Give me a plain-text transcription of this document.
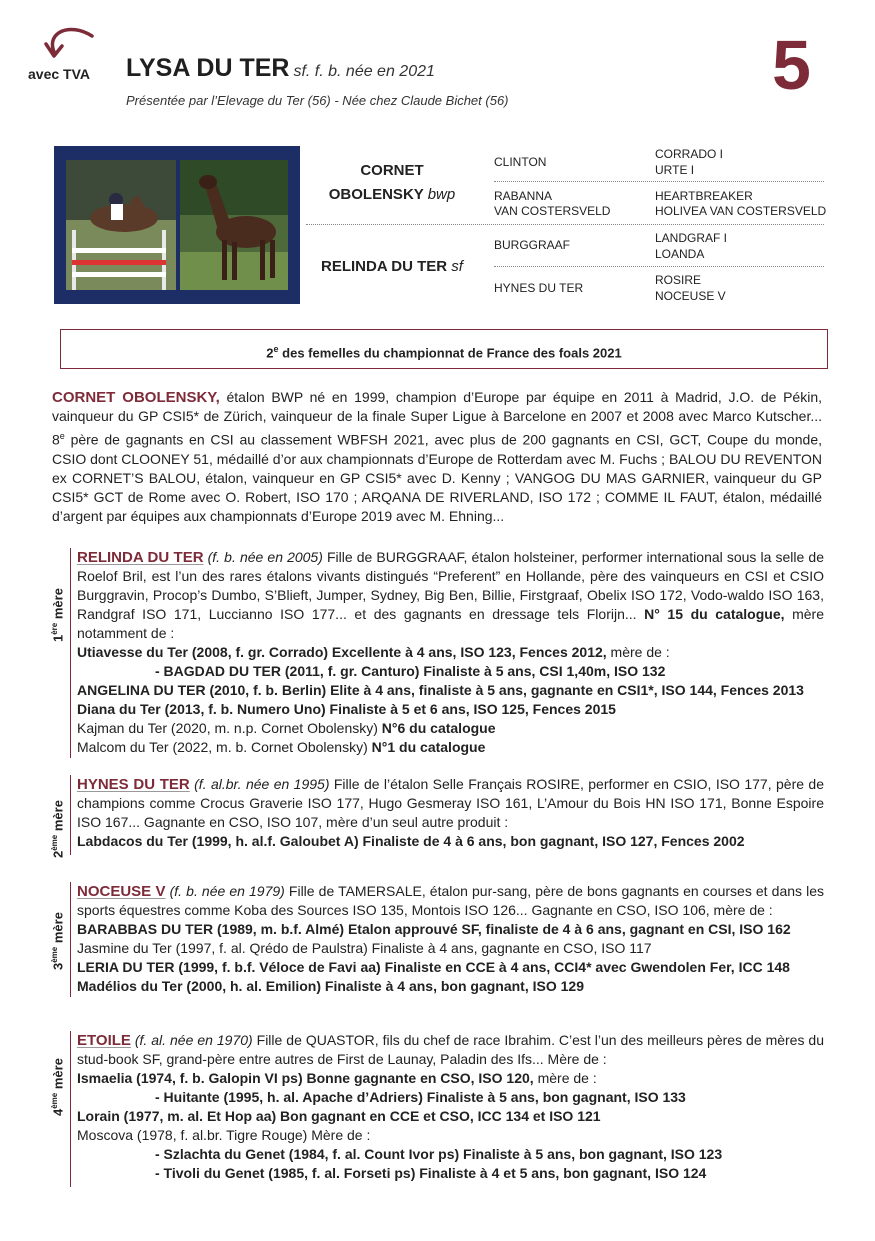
avec TVA LYSA DU TER sf. f. b. née en 2021
Présentée par l’Elevage du Ter (56) - Née chez Claude Bichet (56)	5
CORNET
OBOLENSKY bwp
RELINDA DU TER sf
CLINTON
RABANNA
VAN COSTERSVELD
BURGGRAAF
HYNES DU TER
CORRADO I
URTE I
HEARTBREAKER
HOLIVEA VAN COSTERSVELD
LANDGRAF I
LOANDA
ROSIRE
NOCEUSE V
2e des femelles du championnat de France des foals 2021
CORNET OBOLENSKY, étalon BWP né en 1999, champion d’Europe par équipe en 2011 à Madrid, J.O. de Pékin, vainqueur du GP CSI5* de Zürich, vainqueur de la finale Super Ligue à Barcelone en 2007 et 2008 avec Marco Kutscher... 8e père de gagnants en CSI au classement WBFSH 2021, avec plus de 200 gagnants en CSI, GCT, Coupe du monde, CSIO dont CLOONEY 51, médaillé d’or aux championnats d’Europe de Rotterdam avec M. Fuchs ; BALOU DU REVENTON ex CORNET’S BALOU, étalon, vainqueur en GP CSI5* avec D. Kenny ; VANGOG DU MAS GARNIER, vainqueur du GP CSI5* GCT de Rome avec O. Robert, ISO 170 ; ARQANA DE RIVERLAND, ISO 172 ; COMME IL FAUT, étalon, médaillé d’argent par équipes aux championnats d’Europe 2019 avec M. Ehning...
1ère mère

RELINDA DU TER (f. b. née en 2005) Fille de BURGGRAAF, étalon holsteiner, performer international sous la selle de Roelof Bril, est l’un des rares étalons vivants distingués “Preferent” en Hollande, père des vainqueurs en CSI et CSIO Burggravin, Procop’s Dumbo, S’Blieft, Jumper, Sydney, Big Ben, Billie, Firstgraaf, Obelix ISO 172, Vodo-waldo ISO 163, Randgraf ISO 171, Luccianno ISO 177... et des gagnants en dressage tels Florijn... N° 15 du catalogue, mère notamment de :

Utiavesse du Ter (2008, f. gr. Corrado) Excellente à 4 ans, ISO 123, Fences 2012, mère de :

- BAGDAD DU TER (2011, f. gr. Canturo) Finaliste à 5 ans, CSI 1,40m, ISO 132

ANGELINA DU TER (2010, f. b. Berlin) Elite à 4 ans, finaliste à 5 ans, gagnante en CSI1*, ISO 144, Fences 2013

Diana du Ter (2013, f. b. Numero Uno) Finaliste à 5 et 6 ans, ISO 125, Fences 2015

Kajman du Ter (2020, m. n.p. Cornet Obolensky) N°6 du catalogue

Malcom du Ter (2022, m. b. Cornet Obolensky) N°1 du catalogue

2ème mère

HYNES DU TER (f. al.br. née en 1995) Fille de l’étalon Selle Français ROSIRE, performer en CSIO, ISO 177, père de champions comme Crocus Graverie ISO 177, Hugo Gesmeray ISO 161, L’Amour du Bois HN ISO 171, Bonne Espoire ISO 167... Gagnante en CSO, ISO 107, mère d’un seul autre produit :

Labdacos du Ter (1999, h. al.f. Galoubet A) Finaliste de 4 à 6 ans, bon gagnant, ISO 127, Fences 2002

3ème mère

NOCEUSE V (f. b. née en 1979) Fille de TAMERSALE, étalon pur-sang, père de bons gagnants en courses et dans les sports équestres comme Koba des Sources ISO 135, Montois ISO 126... Gagnante en CSO, ISO 106, mère de :

BARABBAS DU TER (1989, m. b.f. Almé) Etalon approuvé SF, finaliste de 4 à 6 ans, gagnant en CSI, ISO 162

Jasmine du Ter (1997, f. al. Qrédo de Paulstra) Finaliste à 4 ans, gagnante en CSO, ISO 117

LERIA DU TER (1999, f. b.f. Véloce de Favi aa) Finaliste en CCE à 4 ans, CCI4* avec Gwendolen Fer, ICC 148

Madélios du Ter (2000, h. al. Emilion) Finaliste à 4 ans, bon gagnant, ISO 129

4ème mère

ETOILE (f. al. née en 1970) Fille de QUASTOR, fils du chef de race Ibrahim. C’est l’un des meilleurs pères de mères du stud-book SF, grand-père entre autres de First de Launay, Paladin des Ifs... Mère de :

Ismaelia (1974, f. b. Galopin VI ps) Bonne gagnante en CSO, ISO 120, mère de :

- Huitante (1995, h. al. Apache d’Adriers) Finaliste à 5 ans, bon gagnant, ISO 133

Lorain (1977, m. al. Et Hop aa) Bon gagnant en CCE et CSO, ICC 134 et ISO 121

Moscova (1978, f. al.br. Tigre Rouge) Mère de :

- Szlachta du Genet (1984, f. al. Count Ivor ps) Finaliste à 5 ans, bon gagnant, ISO 123

- Tivoli du Genet (1985, f. al. Forseti ps) Finaliste à 4 et 5 ans, bon gagnant, ISO 124
